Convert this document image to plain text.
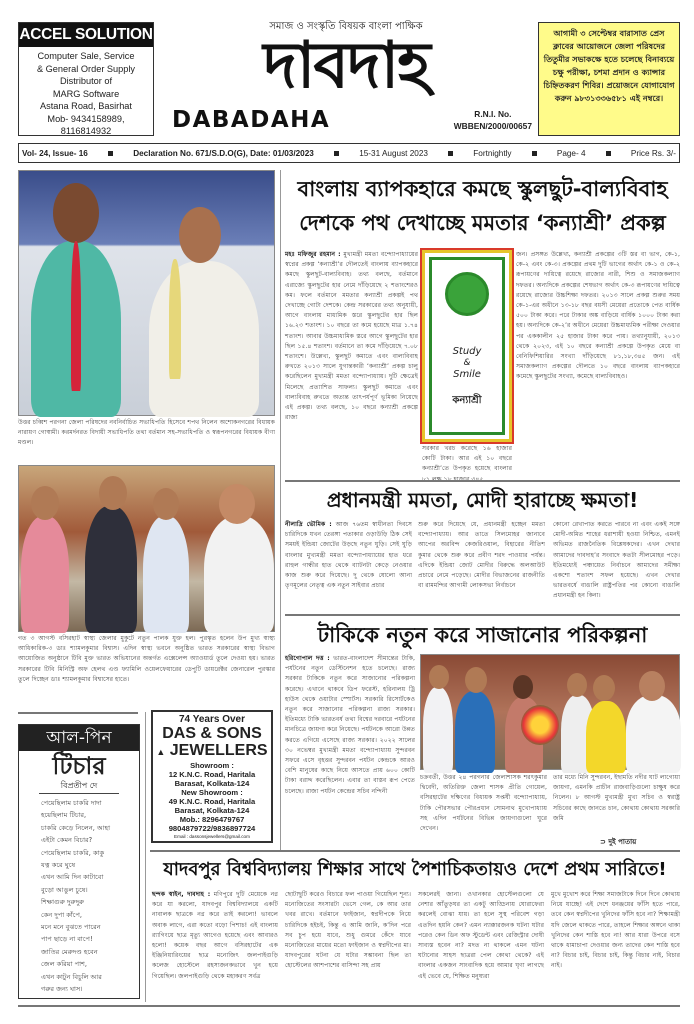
ACCEL SOLUTION
Computer Sale, Service
& General Order Supply
Distributor of
MARG Software
Astana Road, Basirhat
Mob- 9434158989,
8116814932
সমাজ ও সংস্কৃতি বিষয়ক বাংলা পাক্ষিক
দাবদাহ
DABADAHA	R.N.I. No.
WBBEN/2000/00657
আগামী ৩ সেপ্টেম্বর বারাসাত প্রেস ক্লাবের আয়োজনে জেলা পরিষদের তিতুমীর সভাকক্ষে হতে চলেছে বিনাব্যয়ে চক্ষু পরীক্ষা, চশমা প্রদান ও ক্যান্সার চিহ্নিতকরণ শিবির। প্রয়োজনে যোগাযোগ করুন ৯৮৩১৩৩৬৫৮১ এই নম্বরে।
Vol- 24, Issue- 16	Declaration No. 671/S.D.O(G), Date: 01/03/2023	15-31 August 2023	Fortnightly	Page- 4	Price Rs. 3/-
উত্তর চব্বিশ পরগনা জেলা পরিষদের নবনির্বাচিত সভাধিপতি হিসেবে শপথ নিলেন অশোকনগরের বিধায়ক নারায়ণ গোস্বামী। করমর্দনরত বিদায়ী সভাধিপতি তথা বর্তমান সহ-সভাধিপতি ও স্বরূপনগরের বিধায়ক বীণা মণ্ডল।
গত ৩ আগস্ট বসিরহাট স্বাস্থ্য জেলার মুকুটে নতুন পালক যুক্ত হল। পুরস্কৃত হলেন উপ মুখ্য স্বাস্থ্য আধিকারিক-৩ ডাঃ শ্যামলকুমার বিশ্বাস। এদিন স্বাস্থ্য ভবনে অনুষ্ঠিত ভারত সরকারের স্বাস্থ্য বিভাগ আয়োজিত অনুষ্ঠানে টিবি মুক্ত ভারত অভিযানের অন্তর্গত এক্সেলেন্স অ্যাওয়ার্ড তুলে দেওয়া হয়। ভারত সরকারের টিবি মিনিস্ট্রি অফ হেলথ এণ্ড ফ্যামিলি ওয়েলফেয়ারের ডেপুটি ডায়রেক্টর জেনারেল পুরস্কার তুলে দিচ্ছেন ডাঃ শ্যামলকুমার বিশ্বাসের হাতে।
আল-পিন
টিচার
বিপ্রতীপ দে
পেয়েছিলাম চাকরি দাদা
হয়েছিলাম টিচার,
চাকরি কেড়ে নিলেন, আহা
এইটা কেমন বিচার?
পেয়েছিলাম চাকরি, কাকু
যত্ন করে ঘুষে
এখন আমি দিন কাটাবো
বুড়ো আঙুল চুষে।
শিক্ষাগুরু দুরুদুরু
কেন দুপা কাঁপে,
মনে মনে বুঝতে পারেন
পাপ ছাড়ে না বাপে!
জাতির মেরুদণ্ড হবেন
জেল করিয়া পাশ,
এখন কাটুন বিচুলি আর
গরুর জন্য ঘাস।
74 Years Over
DAS & SONS
▲ JEWELLERS
Showroom :
12 K.N.C. Road, Haritala
Barasat, Kolkata-124
New Showroom :
49 K.N.C. Road, Haritala
Barasat, Kolkata-124
Mob.: 8296479767
9804879722/9836897724
Email : dassonsjewellers@gmail.com
বাংলায় ব্যাপকহারে কমছে স্কুলছুট-বাল্যবিবাহ
দেশকে পথ দেখাচ্ছে মমতার ‘কন্যাশ্রী’ প্রকল্প
মহঃ মফিজুর রহমান : মুখ্যমন্ত্রী মমতা বন্দ্যোপাধ্যায়ের স্বপ্নের প্রকল্প ‘কন্যাশ্রী’র দৌলতেই বাংলায় ব্যাপকহারে কমছে স্কুলছুট-বাল্যবিবাহ। তথ্য বলছে, বর্তমানে এরাজ্যে স্কুলছুটের হার নেমে দাঁড়িয়েছে ২ শতাংশেরও কম। ফলে বর্তমানে মমতার কন্যাশ্রী প্রকল্পই পথ দেখাচ্ছে গোটা দেশকে। কেন্দ্র সরকারের তথ্য অনুযায়ী, আগে বাংলায় মাধ্যমিক স্তরে স্কুলছুটের হার ছিল ১৬.২৩ শতাংশ। ১০ বছরে তা কমে হয়েছে মাত্র ১.৭৪ শতাংশ। আবার উচ্চমাধ্যমিক স্তরে আগে স্কুলছুটের হার ছিল ১৫.৪ শতাংশ। বর্তমানে তা কমে দাঁড়িয়েছে ৭.০৮ শতাংশে। উল্লেখ্য, স্কুলছুট কমাতে এবং বাল্যবিবাহ রুখতে ২০১৩ সালে যুগান্তকারী ‘কন্যাশ্রী’ প্রকল্প চালু করেছিলেন মুখ্যমন্ত্রী মমতা বন্দ্যোপাধ্যায়। দুটি ক্ষেত্রেই মিলেছে প্রত্যাশিত সাফল্য। স্কুলছুট কমাতে এবং বাল্যবিবাহ রুখতে অত্যন্ত তাৎপর্যপূর্ণ ভূমিকা নিয়েছে এই প্রকল্প। তথ্য বলছে, ১০ বছরে কন্যাশ্রী প্রকল্পে রাজ্য
Study
&
Smile
কন্যাশ্রী
সরকার খরচ করেছে ১৬ হাজার কোটি টাকা। আর এই ১০ বছরে কন্যাশ্রী’তে উপকৃত হয়েছে বাংলার
জন। প্রসঙ্গত উল্লেখ্য, কন্যাশ্রী প্রকল্পের ৩টি স্তর বা ভাগ, কে-১, কে-২ এবং কে-৩। প্রকল্পের প্রথম দুটি ভাগের অর্থাৎ কে-১ ও কে-২ রূপায়ণের দায়িত্বে রয়েছে রাজ্যের নারী, শিশু ও সমাজকল্যাণ দফতর। অন্যদিকে প্রকল্পের শেষভাগ অর্থাৎ কে-৩ রূপায়ণের দায়িত্বে রয়েছে রাজ্যের উচ্চশিক্ষা দফতর। ২০১৩ সালে প্রকল্প শুরুর সময় কে-১-এর অধীনে ১৩-১৮ বছর বয়সী মেয়েরা প্রত্যেকে পেত বার্ষিক ৫০০ টাকা করে। পরে টাকার অঙ্ক বাড়িয়ে বার্ষিক ১০০০ টাকা করা হয়। অন্যদিকে কে-২’র অধীনে মেয়েরা উচ্চমাধ্যমিক পরীক্ষা দেওয়ার পর এককালীন ২৫ হাজার টাকা করে পায়। তথ্যানুযায়ী, ২০১৩ থেকে ২০২৩, এই ১০ বছরে কন্যাশ্রী প্রকল্পে উপকৃত মেয়ে বা বেনিফিশিয়ারির সংখ্যা দাঁড়িয়েছে ৮১,১৮,৩৪৫ জন। এই সমাজকল্যাণ প্রকল্পের দৌলতে ১০ বছরে বাংলায় ব্যাপকহারে কমেছে স্কুলছুটের সংখ্যা, কমেছে বাল্যবিবাহও।
প্রধানমন্ত্রী মমতা, মোদী হারাচ্ছে ক্ষমতা!
নীলাদ্রি ভৌমিক : আজ ৭৬তম স্বাধীনতা দিবসে চারিদিকে যখন তেরঙ্গা পতাকার ওড়াউড়ি ঠিক সেই সময়ই ইন্ডিয়া জোটের উড়ছে নতুন ঘুড়ি। সেই ঘুড়ি বাংলার মুখ্যমন্ত্রী মমতা বন্দ্যোপাধ্যায়ের হাত ধরে রাহুল গান্ধীর হাত থেকে ব্যাটনটা কেড়ে নেওয়ার কাজ শুরু করে দিয়েছে। দু থেকে ষোলো আনা তৃণমূলের নেতৃত্ব এক নতুন সাইবার প্রচার
শুরু করে দিয়েছে যে, প্রধানমন্ত্রী হচ্ছেন মমতা বন্দ্যোপাধ্যায়। আর তাতে সিলমোহর জানাবে আপের অরবিন্দ কেজরিওয়াল, বিহারের নীতিশ কুমার থেকে শুরু করে প্রবীণ শরদ পাওয়ার পর্যন্ত। এদিকে ইন্ডিয়া জোট মোদীর বিরুদ্ধে অলআউট প্রচারে নেমে পড়েছে। মোদীর বিভাজনের রাজনীতি বা রামমন্দির আগামী লোকসভা নির্বাচনে
কোনো রেখাপাত করতে পারবে না এবং একই সঙ্গে মোদী-অমিত শাহের ধরাশায়ী হওয়া নিশ্চিত, এমনই অভিমত রাজনৈতিক বিশ্লেষকদের। এখন দেখার আমাদের দাবদাহ’র সংবাদে কতটা সীলমোহর পড়ে। ইতিমধ্যেই পঞ্চায়েত নির্বাচনে আমাদের সমীক্ষা একশো শতাংশ সফল হয়েছে। এখন দেখার ভারতবর্ষে বাঙালি রাষ্ট্রপতির পর কোনো বাঙালি প্রধানমন্ত্রী হন কিনা।
টাকিকে নতুন করে সাজানোর পরিকল্পনা
হরিগোপাল দত্ত : ভারত-বাংলাদেশ সীমান্তের টাকি, পর্যটনের নতুন ডেস্টিনেশন হতে চলেছে। রাজ্য সরকার টাকিকে নতুন করে সাজানোর পরিকল্পনা করেছে। এখানে থাকবে ডিপ ফরেস্ট, হরিনালয় ট্রি হাউস থেকে ওয়াটার স্পোর্টস। সরকারি রিসোর্টকেও নতুন করে সাজানোর পরিকল্পনা রাজ্য সরকার। ইতিমধ্যে টাকি ভারতবর্ষ তথা বিশ্বের দরবারে পর্যটনের মানচিত্রে জায়গা করে নিয়েছে। পর্যটনকে আরো উন্নত করতে এগিয়ে এসেছে রাজ্য সরকার। ২০২২ সালের ৩০ নভেম্বর মুখ্যমন্ত্রী মমতা বন্দ্যোপাধ্যায় সুন্দরবন সফরে এসে বৃহত্তর সুন্দরবন পর্যটন কেন্দ্রকে আরও বেশি মানুষের কাছে নিয়ে আসতে প্রায় ৬০০ কোটি টাকা বরাদ্দ করেছিলেন। এবার তা বাস্তব রূপ পেতে চলেছে। রাজ্য পর্যটন কেন্দ্রের সচিব নন্দিনী
চক্রবর্তী, উত্তর ২৪ পরগনার জেলাশাসক শরৎকুমার দ্বিবেদী, অতিরিক্ত জেলা শাসক প্রীতি গোয়েল, বসিরহাটের দক্ষিণের বিধায়ক সপ্তর্ষী বন্দ্যোপাধ্যায়, টাকি পৌরসভার পৌরপ্রধান সোমনাথ মুখোপাধ্যায় সহ এদিন পর্যটনের বিভিন্ন জায়গাগুলো ঘুরে দেখেন।
তার মধ্যে মিনি সুন্দরবন, ইছামতি নদীর ঘাট লাগোয়া জায়গা, এমনকি প্রাচীন রাজবাড়িগুলো চাক্ষুষ করে নিলেন। ৮ আগস্ট মুখ্যমন্ত্রী মুখ্য সচিব ও স্বরাষ্ট্র সচিবের কাছে জানতে চান, কোথায় কোথায় সরকারি জমি
⊃ দুই পাতায়
যাদবপুর বিশ্ববিদ্যালয় শিক্ষার সাথে পৈশাচিকতায়ও দেশে প্রথম সারিতে!
ছন্দক স্বাইন, দাবদাহ : মণিপুরে দুটি মেয়েকে নগ্ন করে যা করলো, যাদবপুর বিশ্ববিদ্যালয়ে একটি নাবালক ছাত্রকে নগ্ন করে তাই করলো! ভাবলে অবাক লাগে, এরা কতো বড়ো পিশাচ! এই বাংলায় র‍্যাগিংয়ে ছাত্র মৃত্যু আগেও হয়েছে এবং আবারও হলো! কয়েক বছর আগে বসিরহাটের এক ইঞ্জিনিয়ারিংয়ের ছাত্র মনোজিৎ জলপাইগুড়ি কলেজ হোস্টেলে রহস্যজনকভাবে খুন হয়ে গিয়েছিল। জলপাইগুড়ি থেকে মহাকরণ সর্বত্র
ছোটাছুটি করেও বিচারে ফল পাওয়া গিয়েছিল শূন্য। মনোজিতের সংসারটা ভেসে গেল, কে আর তার খবর রাখে। বর্তমানে ফাইজান, স্বপ্নদীপকে নিয়ে চারিদিকে হইচই, কিন্তু এ আমি জানি, ক’দিন পরে সব চুপ হয়ে যাবে, শুধু গুমরে কেঁদে যাবে মনোজিতের মায়ের মতো ফাইজান ও স্বপ্নদীপের মা। যাদবপুরের ঘটনা যে ঘটার সম্ভাবনা ছিল তা হোস্টেলের আশপাশের বাসিন্দা সহ প্রায়
সকলেরই জানা। ওখানকার হোস্টেলগুলো যে নেশার আঁতুড়ঘর তা একটু আড্ডিনায় ঘোরাফেরা করলেই বোঝা যায়। তা হলে সুস্থ পরিবেশ গড়া এতদিন হয়নি কেন? এমন ন্যাক্কারজনক ঘটনা ঘটার পরেও কেন ডিন অফ স্টুডেন্ট এবং রেজিস্ট্রার দোষী সাব্যস্ত হবেন না? মদত না থাকলে এমন ঘটনা ঘটানোর সাহস ছাত্ররা পেল কোথা থেকে? এই বাংলার একজন সাংবাদিক হয়ে আমার ঘৃণা লাগছে এই ভেবে যে, শিক্ষিত মনুষ্যরা
মুখে মুখোশ করে শিক্ষা সমাজটাকে দিনে দিনে কোথায় নিয়ে যাচ্ছে! এই দেশে ধনঞ্জয়ের ফাঁসি হতে পারে, তবে কেন স্বপ্নদীপের খুনিদের ফাঁসি হবে না? শিক্ষামন্ত্রী যদি জেলে থাকতে পারে, তাহলে শিক্ষার অঙ্গনে থাকা খুনিদের কেন শাস্তি হবে না! আর যারা উপরে বসে থাকে ধামাচাপা দেওয়ার জন্য তাদের কেন শাস্তি হবে না? বিচার চাই, বিচার চাই, কিন্তু বিচার নাই, বিচার নাই।
